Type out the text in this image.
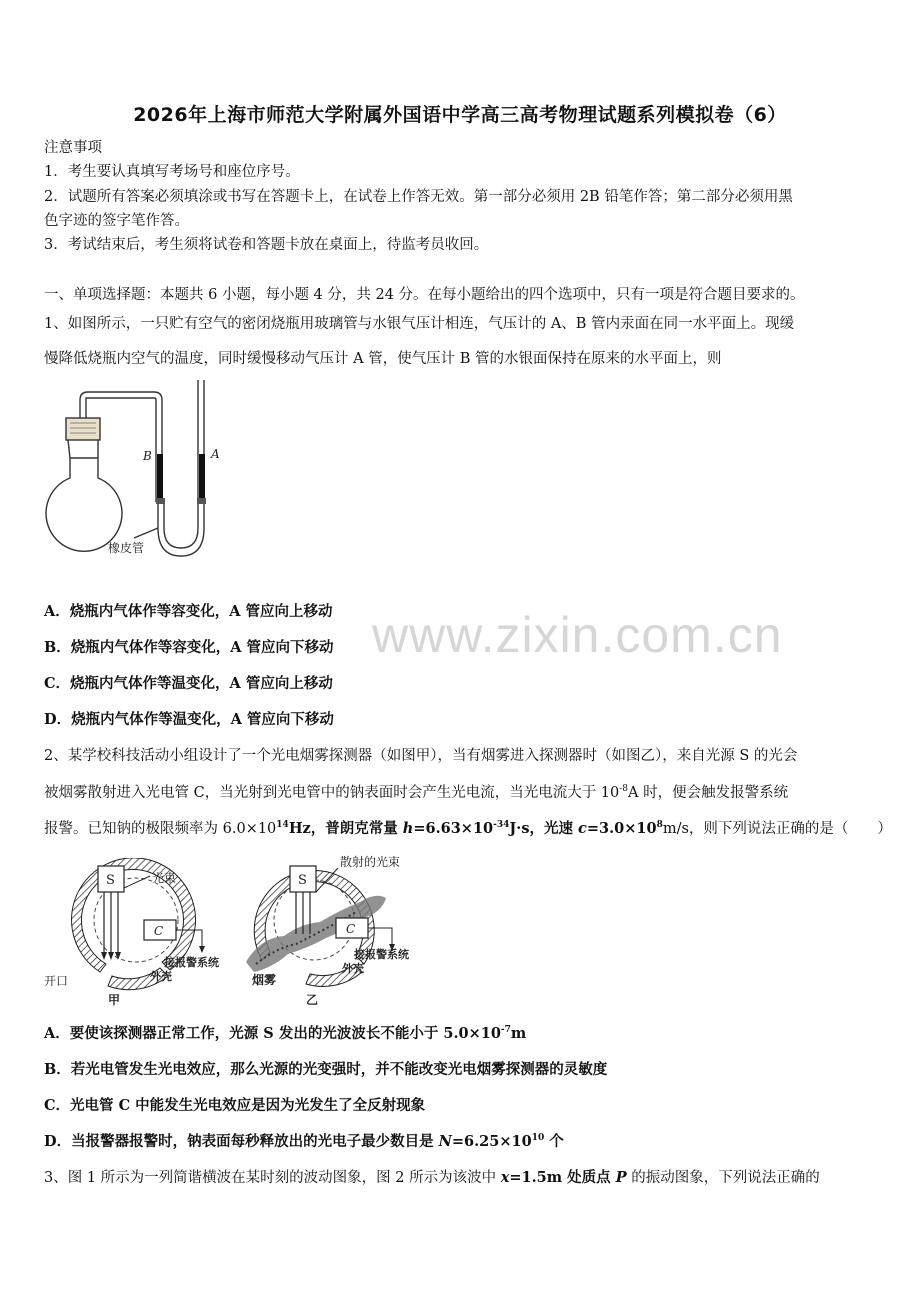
www.zixin.com.cn
2026年上海市师范大学附属外国语中学高三高考物理试题系列模拟卷（6）
注意事项
1．考生要认真填写考场号和座位序号。
2．试题所有答案必须填涂或书写在答题卡上，在试卷上作答无效。第一部分必须用 2B 铅笔作答；第二部分必须用黑
色字迹的签字笔作答。
3．考试结束后，考生须将试卷和答题卡放在桌面上，待监考员收回。
一、单项选择题：本题共 6 小题，每小题 4 分，共 24 分。在每小题给出的四个选项中，只有一项是符合题目要求的。
1、如图所示，一只贮有空气的密闭烧瓶用玻璃管与水银气压计相连，气压计的 A、B 管内汞面在同一水平面上。现缓
慢降低烧瓶内空气的温度，同时缓慢移动气压计 A 管，使气压计 B 管的水银面保持在原来的水平面上，则
B	A
橡皮管
A．烧瓶内气体作等容变化，A 管应向上移动
B．烧瓶内气体作等容变化，A 管应向下移动
C．烧瓶内气体作等温变化，A 管应向上移动
D．烧瓶内气体作等温变化，A 管应向下移动
2、某学校科技活动小组设计了一个光电烟雾探测器（如图甲），当有烟雾进入探测器时（如图乙），来自光源 S 的光会
被烟雾散射进入光电管 C，当光射到光电管中的钠表面时会产生光电流，当光电流大于 $10^{-8}A$ 时，便会触发报警系统
报警。已知钠的极限频率为 $6.0\times 10^{14}Hz$，普朗克常量 $h=6.63\times 10^{-34}J\cdot s$，光速 $c=3.0\times 10^8m/s$，则下列说法正确的是（　　）
S	光束
C
接报警系统
外壳
开口
甲
S
散射的光束
C
接报警系统
外壳
烟雾
乙
A．要使该探测器正常工作，光源 S 发出的光波波长不能小于 $5.0\times 10^{-7}m$
B．若光电管发生光电效应，那么光源的光变强时，并不能改变光电烟雾探测器的灵敏度
C．光电管 C 中能发生光电效应是因为光发生了全反射现象
D．当报警器报警时，钠表面每秒释放出的光电子最少数目是 $N=6.25\times 10^{10}$ 个
3、图 1 所示为一列简谐横波在某时刻的波动图象，图 2 所示为该波中 x=1.5m 处质点 P 的振动图象，下列说法正确的
